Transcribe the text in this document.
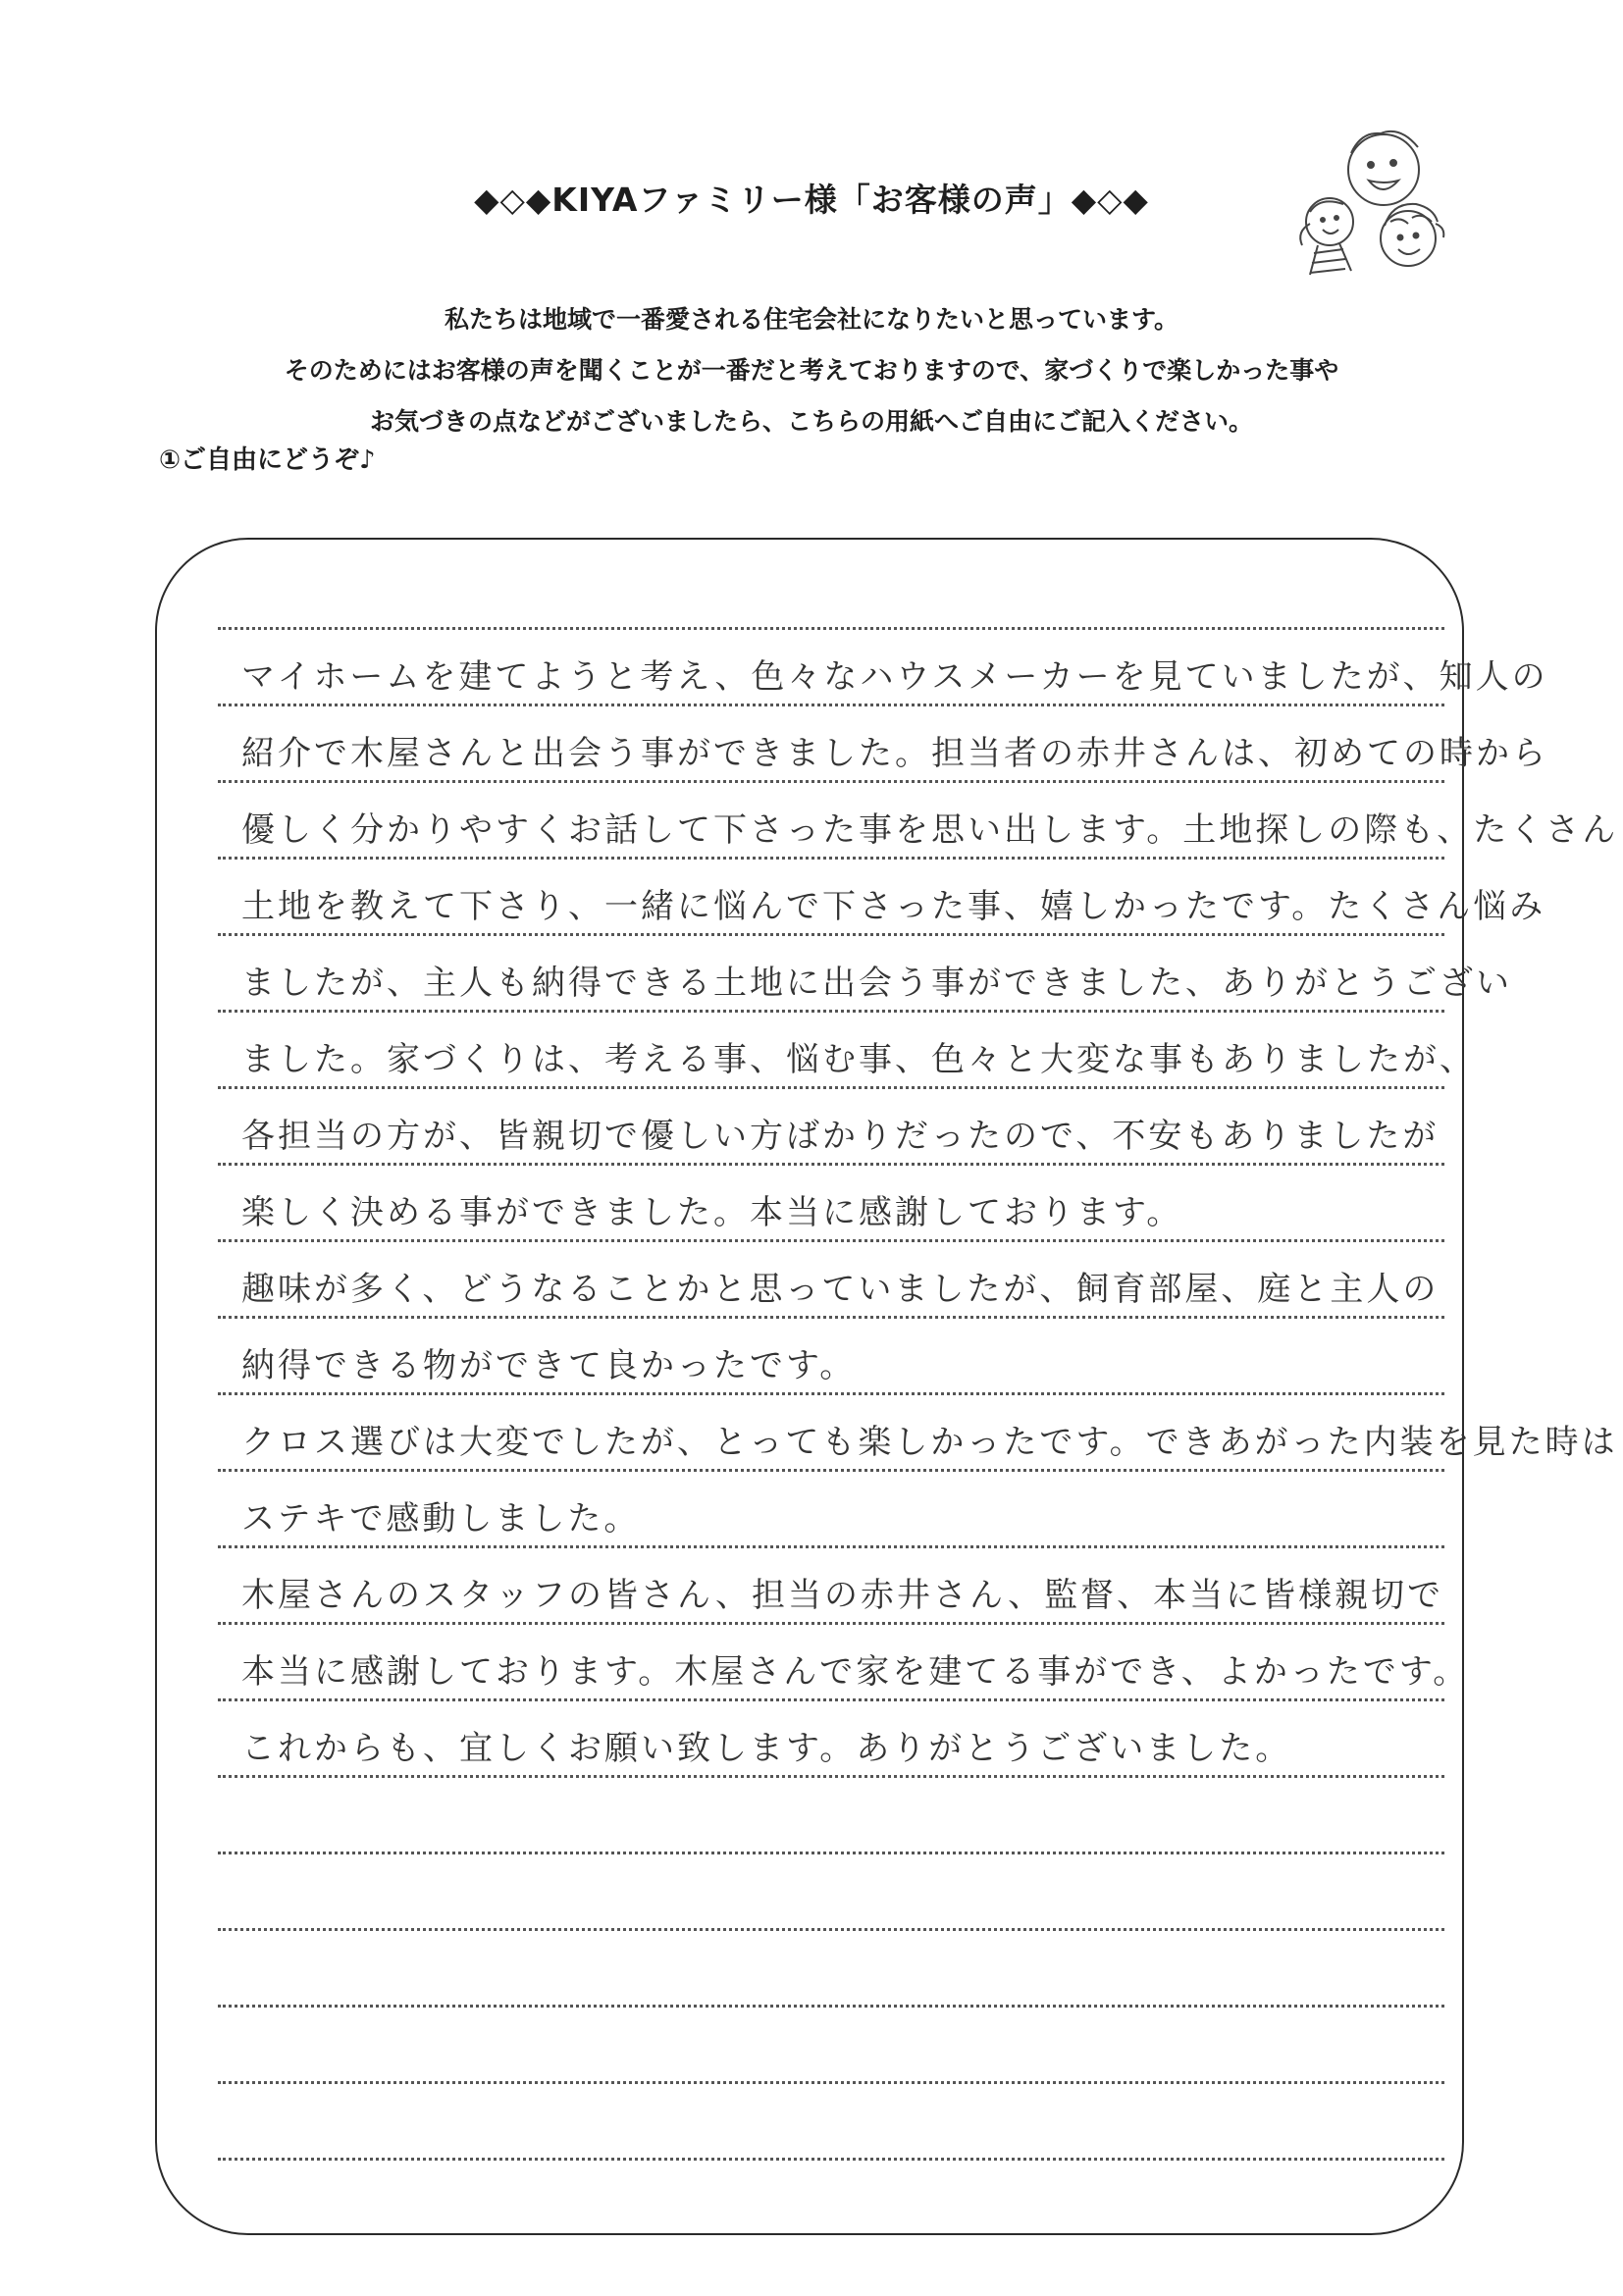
◆◇◆KIYAファミリー様「お客様の声」◆◇◆
私たちは地域で一番愛される住宅会社になりたいと思っています。
そのためにはお客様の声を聞くことが一番だと考えておりますので、家づくりで楽しかった事や
お気づきの点などがございましたら、こちらの用紙へご自由にご記入ください。
①ご自由にどうぞ♪
マイホームを建てようと考え、色々なハウスメーカーを見ていましたが、知人の
紹介で木屋さんと出会う事ができました。担当者の赤井さんは、初めての時から
優しく分かりやすくお話して下さった事を思い出します。土地探しの際も、たくさん
土地を教えて下さり、一緒に悩んで下さった事、嬉しかったです。たくさん悩み
ましたが、主人も納得できる土地に出会う事ができました、ありがとうござい
ました。家づくりは、考える事、悩む事、色々と大変な事もありましたが、
各担当の方が、皆親切で優しい方ばかりだったので、不安もありましたが
楽しく決める事ができました。本当に感謝しております。
趣味が多く、どうなることかと思っていましたが、飼育部屋、庭と主人の
納得できる物ができて良かったです。
クロス選びは大変でしたが、とっても楽しかったです。できあがった内装を見た時は
ステキで感動しました。
木屋さんのスタッフの皆さん、担当の赤井さん、監督、本当に皆様親切で
本当に感謝しております。木屋さんで家を建てる事ができ、よかったです。
これからも、宜しくお願い致します。ありがとうございました。
